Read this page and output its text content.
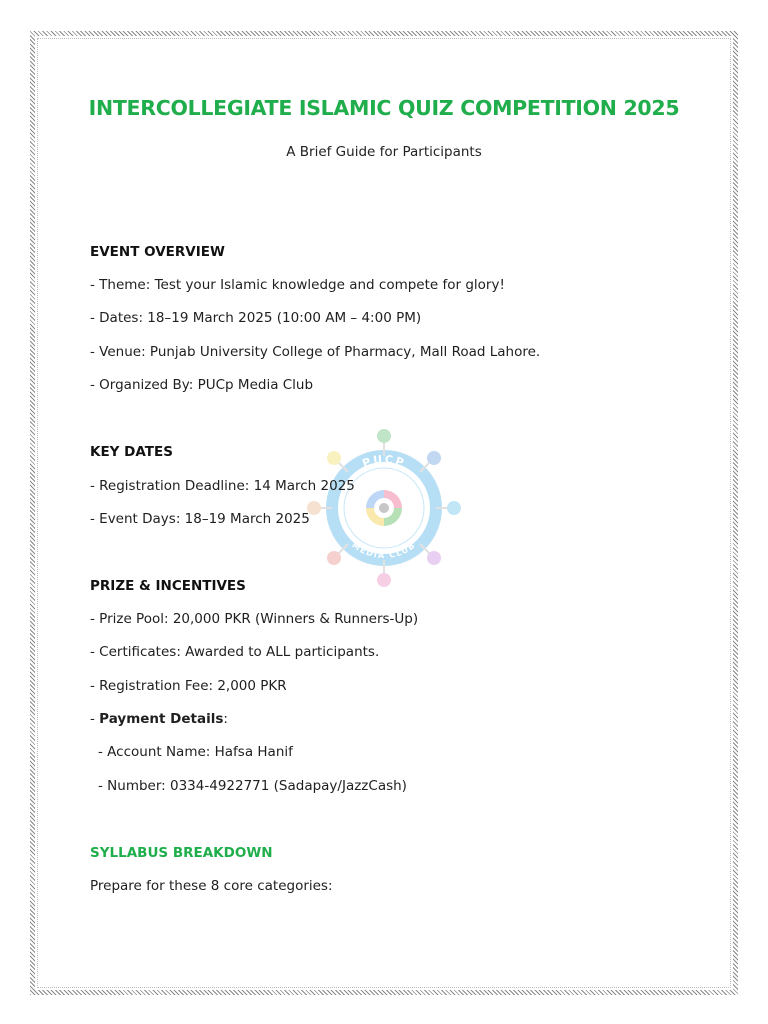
PUCP
MEDIA CLUB
INTERCOLLEGIATE ISLAMIC QUIZ COMPETITION 2025
A Brief Guide for Participants
EVENT OVERVIEW
- Theme: Test your Islamic knowledge and compete for glory!
- Dates: 18–19 March 2025 (10:00 AM – 4:00 PM)
- Venue: Punjab University College of Pharmacy, Mall Road Lahore.
- Organized By: PUCp Media Club
KEY DATES
- Registration Deadline: 14 March 2025
- Event Days: 18–19 March 2025
PRIZE & INCENTIVES
- Prize Pool: 20,000 PKR (Winners & Runners-Up)
- Certificates: Awarded to ALL participants.
- Registration Fee: 2,000 PKR
- Payment Details:
- Account Name: Hafsa Hanif
- Number: 0334-4922771 (Sadapay/JazzCash)
SYLLABUS BREAKDOWN
Prepare for these 8 core categories:
